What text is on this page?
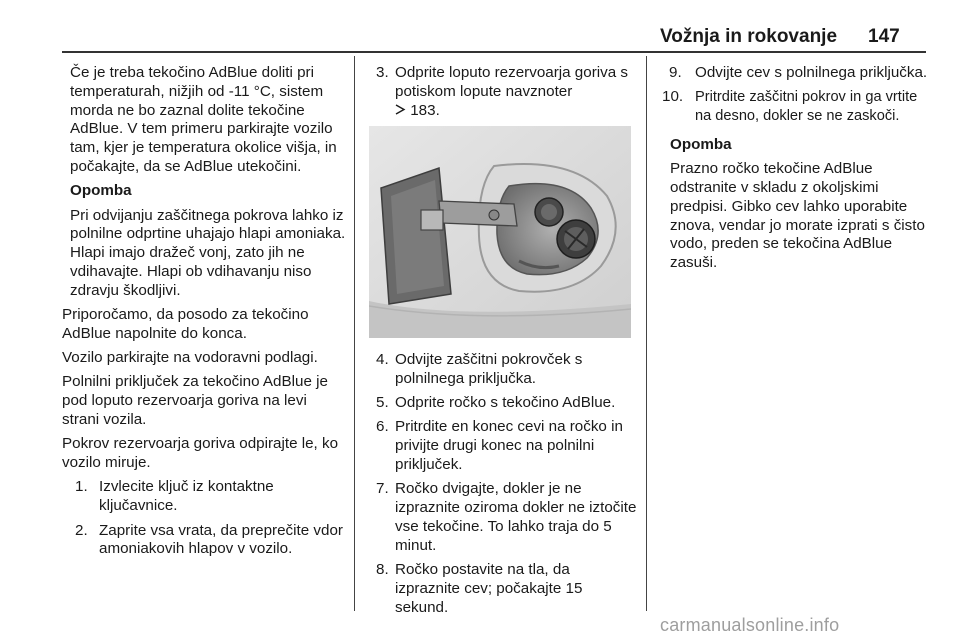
Vožnja in rokovanje 147

Če je treba tekočino AdBlue doliti pri temperaturah, nižjih od -11 °C, sistem morda ne bo zaznal dolite tekočine AdBlue. V tem primeru parkirajte vozilo tam, kjer je temperatura okolice višja, in počakajte, da se AdBlue utekočini.

Opomba

Pri odvijanju zaščitnega pokrova lahko iz polnilne odprtine uhajajo hlapi amoniaka. Hlapi imajo dražeč vonj, zato jih ne vdihavajte. Hlapi ob vdihavanju niso zdravju škodljivi.

Priporočamo, da posodo za tekočino AdBlue napolnite do konca.

Vozilo parkirajte na vodoravni podlagi.

Polnilni priključek za tekočino AdBlue je pod loputo rezervoarja goriva na levi strani vozila.

Pokrov rezervoarja goriva odpirajte le, ko vozilo miruje.

1. Izvlecite ključ iz kontaktne ključavnice.
2. Zaprite vsa vrata, da preprečite vdor amoniakovih hlapov v vozilo.
3. Odprite loputo rezervoarja goriva s potiskom lopute navznoter
183.
4. Odvijte zaščitni pokrovček s polnilnega priključka.
5. Odprite ročko s tekočino AdBlue.
6. Pritrdite en konec cevi na ročko in privijte drugi konec na polnilni priključek.
7. Ročko dvigajte, dokler je ne izpraznite oziroma dokler ne iztočite vse tekočine. To lahko traja do 5 minut.
8. Ročko postavite na tla, da izpraznite cev; počakajte 15 sekund.
9. Odvijte cev s polnilnega priključka.
10. Pritrdite zaščitni pokrov in ga vrtite na desno, dokler se ne zaskoči.

Opomba

Prazno ročko tekočine AdBlue odstranite v skladu z okoljskimi predpisi. Gibko cev lahko uporabite znova, vendar jo morate izprati s čisto vodo, preden se tekočina AdBlue zasuši.

carmanualsonline.info
